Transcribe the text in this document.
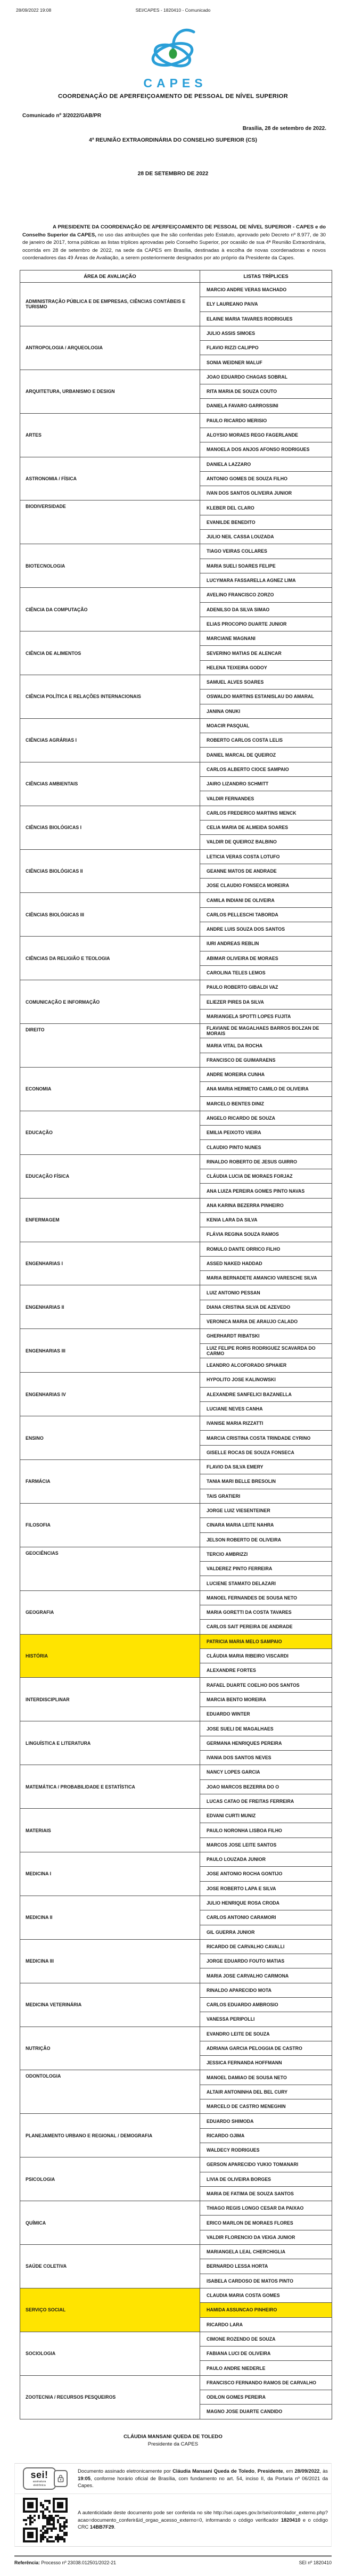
28/09/2022 19:08	SEI/CAPES - 1820410 - Comunicado
CAPES
COORDENAÇÃO DE APERFEIÇOAMENTO DE PESSOAL DE NÍVEL SUPERIOR
Comunicado nº 3/2022/GAB/PR
Brasília, 28 de setembro de 2022.
4ª REUNIÃO EXTRAORDINÁRIA DO CONSELHO SUPERIOR (CS)
28 DE SETEMBRO DE 2022

A PRESIDENTE DA COORDENAÇÃO DE APERFEIÇOAMENTO DE PESSOAL DE NÍVEL SUPERIOR - CAPES e do Conselho Superior da CAPES, no uso das atribuições que lhe são conferidas pelo Estatuto, aprovado pelo Decreto nº 8.977, de 30 de janeiro de 2017, torna públicas as listas tríplices aprovadas pelo Conselho Superior, por ocasião de sua 4ª Reunião Extraordinária, ocorrida em 28 de setembro de 2022, na sede da CAPES em Brasília, destinadas à escolha de novas coordenadoras e novos coordenadores das 49 Áreas de Avaliação, a serem posteriormente designados por ato próprio da Presidente da Capes.

ÁREA DE AVALIAÇÃO	LISTAS TRÍPLICES
ADMINISTRAÇÃO PÚBLICA E DE EMPRESAS, CIÊNCIAS CONTÁBEIS E TURISMO	MARCIO ANDRE VERAS MACHADO
	ELY LAUREANO PAIVA
	ELAINE MARIA TAVARES RODRIGUES
ANTROPOLOGIA / ARQUEOLOGIA	JULIO ASSIS SIMOES
	FLAVIO RIZZI CALIPPO
	SONIA WEIDNER MALUF
ARQUITETURA, URBANISMO E DESIGN	JOAO EDUARDO CHAGAS SOBRAL
	RITA MARIA DE SOUZA COUTO
	DANIELA FAVARO GARROSSINI
ARTES	PAULO RICARDO MERISIO
	ALOYSIO MORAES REGO FAGERLANDE
	MANOELA DOS ANJOS AFONSO RODRIGUES
ASTRONOMIA / FÍSICA	DANIELA LAZZARO
	ANTONIO GOMES DE SOUZA FILHO
	IVAN DOS SANTOS OLIVEIRA JUNIOR
BIODIVERSIDADE	KLEBER DEL CLARO
	EVANILDE BENEDITO
	JULIO NEIL CASSA LOUZADA
BIOTECNOLOGIA	TIAGO VEIRAS COLLARES
	MARIA SUELI SOARES FELIPE
	LUCYMARA FASSARELLA AGNEZ LIMA
CIÊNCIA DA COMPUTAÇÃO	AVELINO FRANCISCO ZORZO
	ADENILSO DA SILVA SIMAO
	ELIAS PROCOPIO DUARTE JUNIOR
CIÊNCIA DE ALIMENTOS	MARCIANE MAGNANI
	SEVERINO MATIAS DE ALENCAR
	HELENA TEIXEIRA GODOY
CIÊNCIA POLÍTICA E RELAÇÕES INTERNACIONAIS	SAMUEL ALVES SOARES
	OSWALDO MARTINS ESTANISLAU DO AMARAL
	JANINA ONUKI
CIÊNCIAS AGRÁRIAS I	MOACIR PASQUAL
	ROBERTO CARLOS COSTA LELIS
	DANIEL MARCAL DE QUEIROZ
CIÊNCIAS AMBIENTAIS	CARLOS ALBERTO CIOCE SAMPAIO
	JAIRO LIZANDRO SCHMITT
	VALDIR FERNANDES
CIÊNCIAS BIOLÓGICAS I	CARLOS FREDERICO MARTINS MENCK
	CELIA MARIA DE ALMEIDA SOARES
	VALDIR DE QUEIROZ BALBINO
CIÊNCIAS BIOLÓGICAS II	LETICIA VERAS COSTA LOTUFO
	GEANNE MATOS DE ANDRADE
	JOSE CLAUDIO FONSECA MOREIRA
CIÊNCIAS BIOLÓGICAS III	CAMILA INDIANI DE OLIVEIRA
	CARLOS PELLESCHI TABORDA
	ANDRE LUIS SOUZA DOS SANTOS
CIÊNCIAS DA RELIGIÃO E TEOLOGIA	IURI ANDREAS REBLIN
	ABIMAR OLIVEIRA DE MORAES
	CAROLINA TELES LEMOS
COMUNICAÇÃO E INFORMAÇÃO	PAULO ROBERTO GIBALDI VAZ
	ELIEZER PIRES DA SILVA
	MARIANGELA SPOTTI LOPES FUJITA
DIREITO	FLAVIANE DE MAGALHAES BARROS BOLZAN DE MORAIS
	MARIA VITAL DA ROCHA
	FRANCISCO DE GUIMARAENS
ECONOMIA	ANDRE MOREIRA CUNHA
	ANA MARIA HERMETO CAMILO DE OLIVEIRA
	MARCELO BENTES DINIZ
EDUCAÇÃO	ANGELO RICARDO DE SOUZA
	EMILIA PEIXOTO VIEIRA
	CLAUDIO PINTO NUNES
EDUCAÇÃO FÍSICA	RINALDO ROBERTO DE JESUS GUIRRO
	CLÁUDIA LUCIA DE MORAES FORJAZ
	ANA LUIZA PEREIRA GOMES PINTO NAVAS
ENFERMAGEM	ANA KARINA BEZERRA PINHEIRO
	KENIA LARA DA SILVA
	FLÁVIA REGINA SOUZA RAMOS
ENGENHARIAS I	ROMULO DANTE ORRICO FILHO
	ASSED NAKED HADDAD
	MARIA BERNADETE AMANCIO VARESCHE SILVA
ENGENHARIAS II	LUIZ ANTONIO PESSAN
	DIANA CRISTINA SILVA DE AZEVEDO
	VERONICA MARIA DE ARAUJO CALADO
ENGENHARIAS III	GHERHARDT RIBATSKI
	LUIZ FELIPE RORIS RODRIGUEZ SCAVARDA DO CARMO
	LEANDRO ALCOFORADO SPHAIER
ENGENHARIAS IV	HYPOLITO JOSE KALINOWSKI
	ALEXANDRE SANFELICI BAZANELLA
	LUCIANE NEVES CANHA
ENSINO	IVANISE MARIA RIZZATTI
	MARCIA CRISTINA COSTA TRINDADE CYRINO
	GISELLE ROCAS DE SOUZA FONSECA
FARMÁCIA	FLAVIO DA SILVA EMERY
	TANIA MARI BELLE BRESOLIN
	TAIS GRATIERI
FILOSOFIA	JORGE LUIZ VIESENTEINER
	CINARA MARIA LEITE NAHRA
	JELSON ROBERTO DE OLIVEIRA
GEOCIÊNCIAS	TERCIO AMBRIZZI
	VALDEREZ PINTO FERREIRA
	LUCIENE STAMATO DELAZARI
GEOGRAFIA	MANOEL FERNANDES DE SOUSA NETO
	MARIA GORETTI DA COSTA TAVARES
	CARLOS SAIT PEREIRA DE ANDRADE
HISTÓRIA	PATRICIA MARIA MELO SAMPAIO
	CLÁUDIA MARIA RIBEIRO VISCARDI
	ALEXANDRE FORTES
INTERDISCIPLINAR	RAFAEL DUARTE COELHO DOS SANTOS
	MARCIA BENTO MOREIRA
	EDUARDO WINTER
LINGUÍSTICA E LITERATURA	JOSE SUELI DE MAGALHAES
	GERMANA HENRIQUES PEREIRA
	IVANIA DOS SANTOS NEVES
MATEMÁTICA / PROBABILIDADE E ESTATÍSTICA	NANCY LOPES GARCIA
	JOAO MARCOS BEZERRA DO O
	LUCAS CATAO DE FREITAS FERREIRA
MATERIAIS	EDVANI CURTI MUNIZ
	PAULO NORONHA LISBOA FILHO
	MARCOS JOSE LEITE SANTOS
MEDICINA I	PAULO LOUZADA JUNIOR
	JOSE ANTONIO ROCHA GONTIJO
	JOSE ROBERTO LAPA E SILVA
MEDICINA II	JULIO HENRIQUE ROSA CRODA
	CARLOS ANTONIO CARAMORI
	GIL GUERRA JUNIOR
MEDICINA III	RICARDO DE CARVALHO CAVALLI
	JORGE EDUARDO FOUTO MATIAS
	MARIA JOSE CARVALHO CARMONA
MEDICINA VETERINÁRIA	RINALDO APARECIDO MOTA
	CARLOS EDUARDO AMBROSIO
	VANESSA PERIPOLLI
NUTRIÇÃO	EVANDRO LEITE DE SOUZA
	ADRIANA GARCIA PELOGGIA DE CASTRO
	JESSICA FERNANDA HOFFMANN
ODONTOLOGIA	MANOEL DAMIAO DE SOUSA NETO
	ALTAIR ANTONINHA DEL BEL CURY
	MARCELO DE CASTRO MENEGHIN
PLANEJAMENTO URBANO E REGIONAL / DEMOGRAFIA	EDUARDO SHIMODA
	RICARDO OJIMA
	WALDECY RODRIGUES
PSICOLOGIA	GERSON APARECIDO YUKIO TOMANARI
	LIVIA DE OLIVEIRA BORGES
	MARIA DE FATIMA DE SOUZA SANTOS
QUÍMICA	THIAGO REGIS LONGO CESAR DA PAIXAO
	ERICO MARLON DE MORAES FLORES
	VALDIR FLORENCIO DA VEIGA JUNIOR
SAÚDE COLETIVA	MARIANGELA LEAL CHERCHIGLIA
	BERNARDO LESSA HORTA
	ISABELA CARDOSO DE MATOS PINTO
SERVIÇO SOCIAL	CLAUDIA MARIA COSTA GOMES
	HAMIDA ASSUNCAO PINHEIRO
	RICARDO LARA
SOCIOLOGIA	CIMONE ROZENDO DE SOUZA
	FABIANA LUCI DE OLIVEIRA
	PAULO ANDRE NIEDERLE
ZOOTECNIA / RECURSOS PESQUEIROS	FRANCISCO FERNANDO RAMOS DE CARVALHO
	ODILON GOMES PEREIRA
	MAGNO JOSE DUARTE CANDIDO
CLÁUDIA MANSANI QUEDA DE TOLEDO
Presidente da CAPES
sei!
assinatura
eletrônica
Documento assinado eletronicamente por Cláudia Mansani Queda de Toledo, Presidente, em 28/09/2022, às 19:05, conforme horário oficial de Brasília, com fundamento no art. 54, inciso II, da Portaria nº 06/2021 da Capes.
A autenticidade deste documento pode ser conferida no site http://sei.capes.gov.br/sei/controlador_externo.php?acao=documento_conferir&id_orgao_acesso_externo=0, informando o código verificador 1820410 e o código CRC 14BB7F29.
Referência: Processo nº 23038.012501/2022-21	SEI nº 1820410
